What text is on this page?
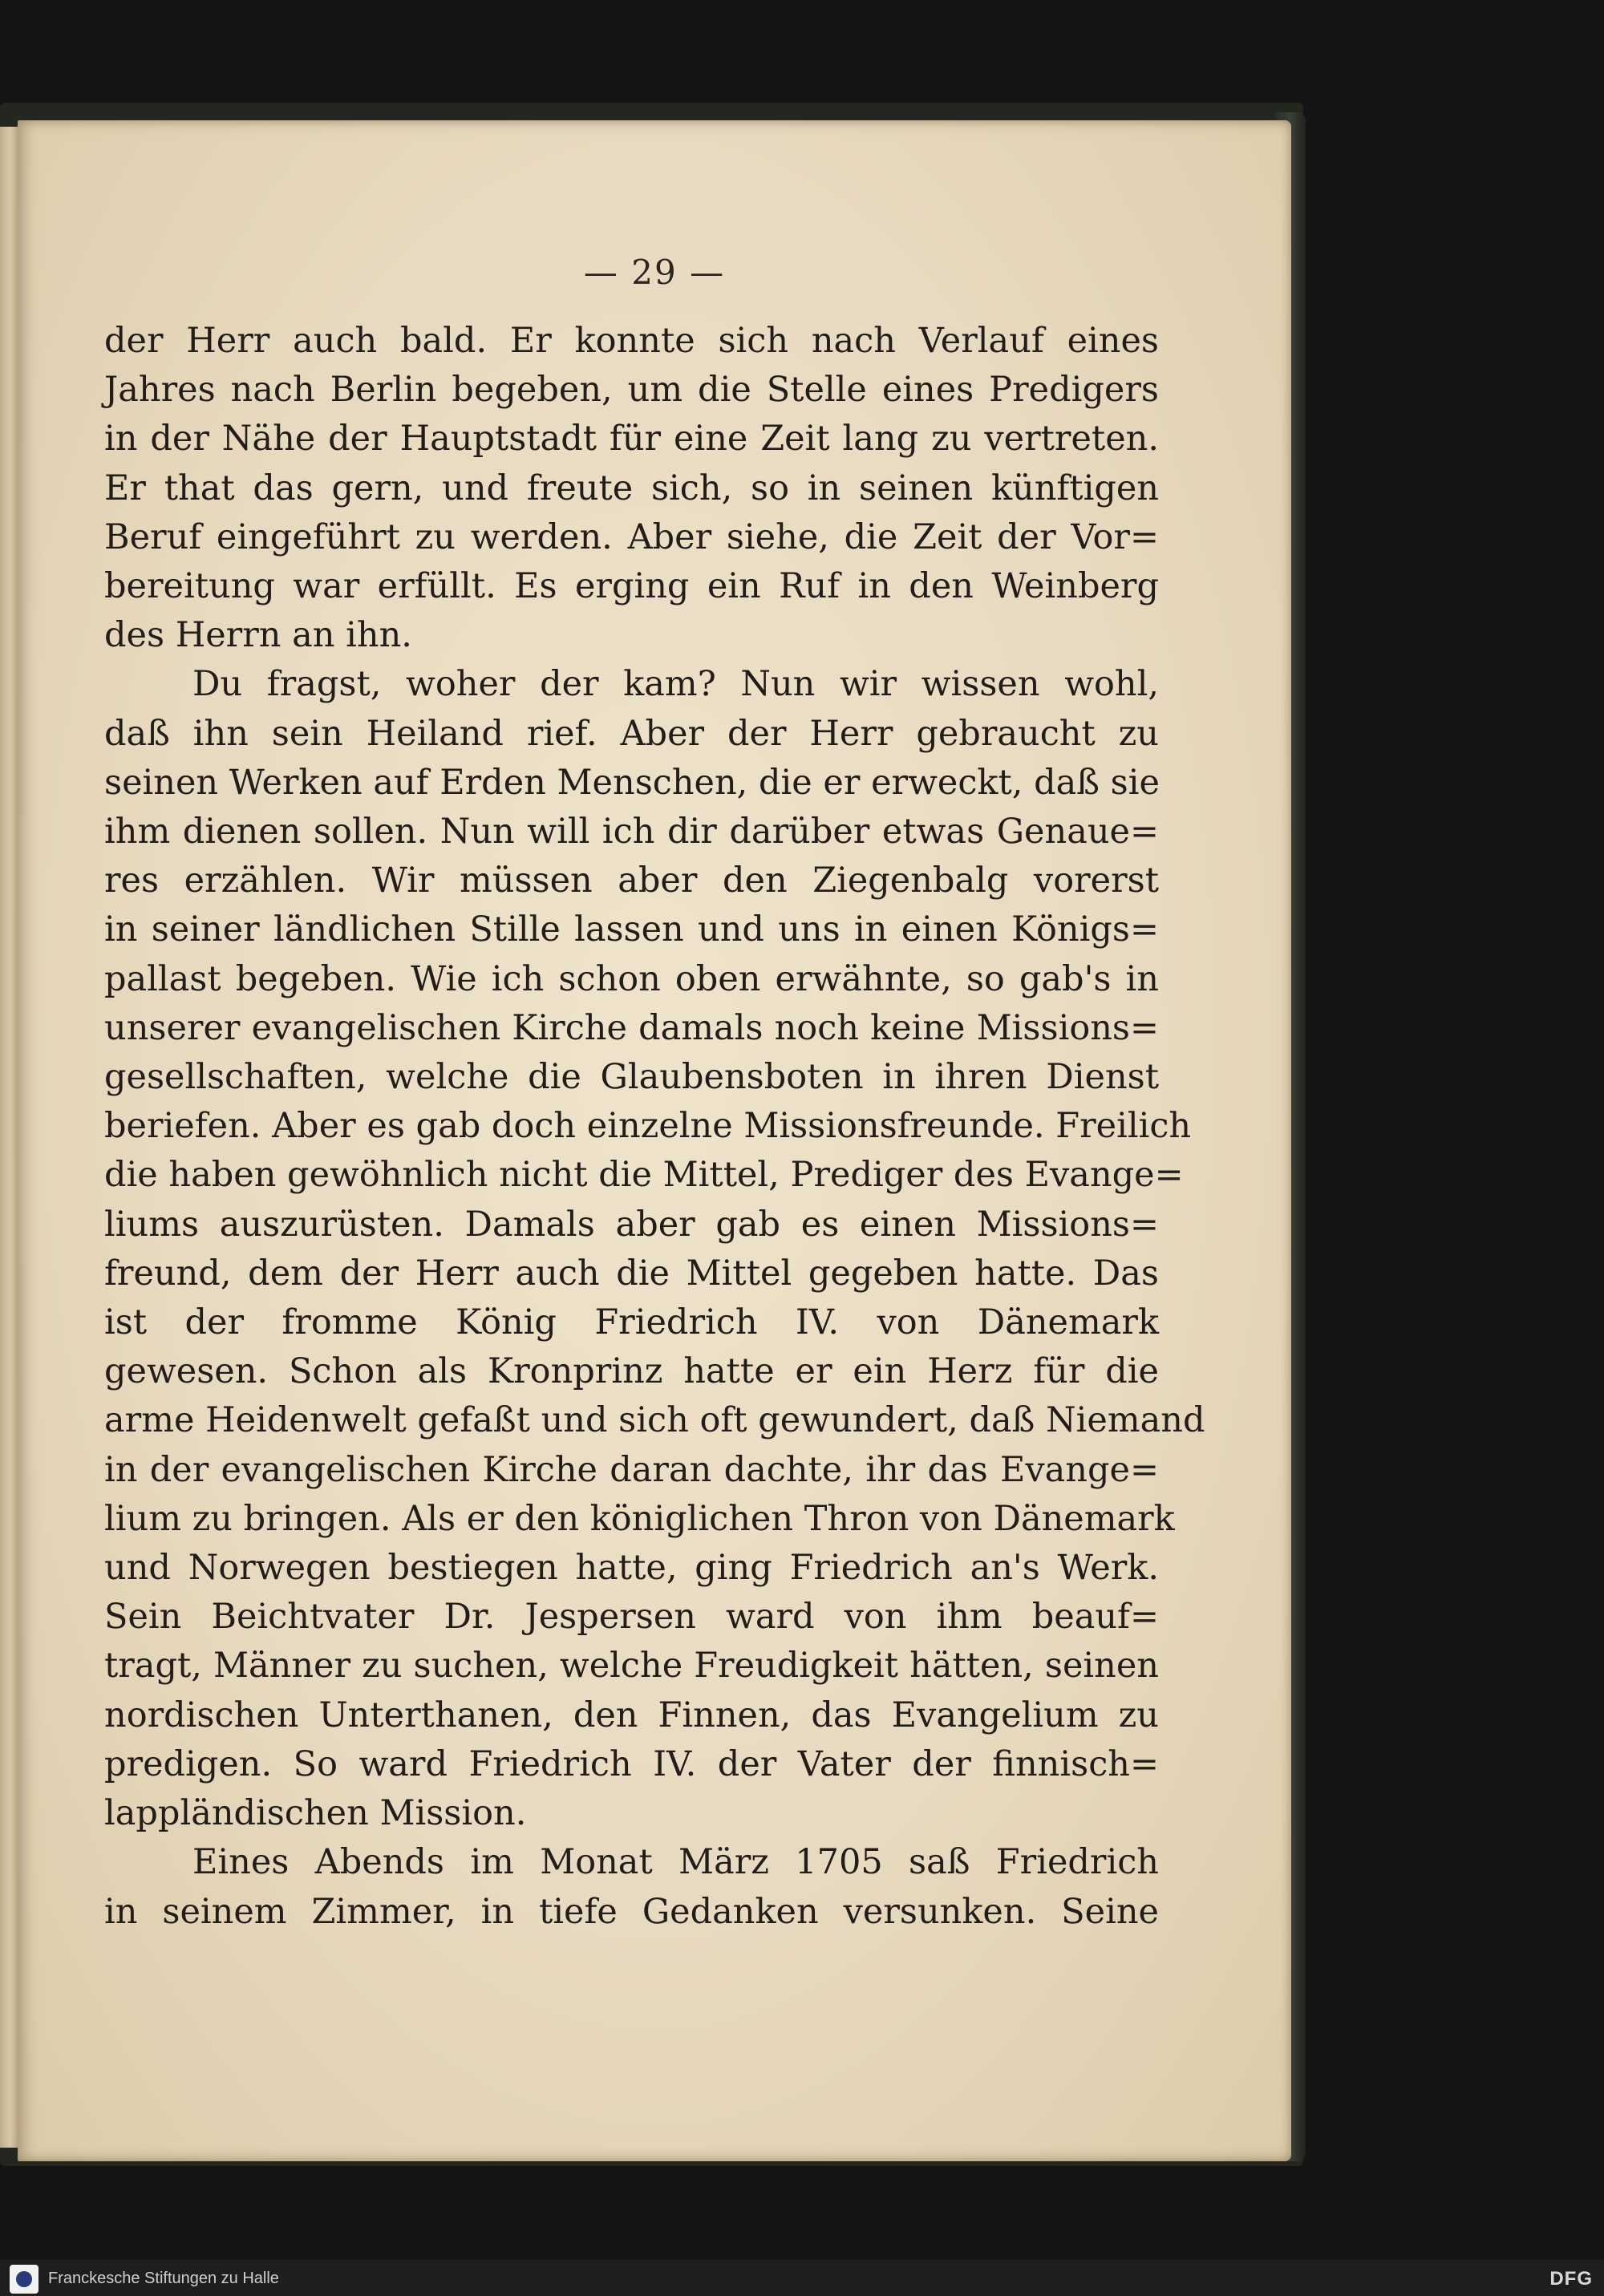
— 29 —
der Herr auch bald. Er konnte sich nach Verlauf eines
Jahres nach Berlin begeben, um die Stelle eines Predigers
in der Nähe der Hauptstadt für eine Zeit lang zu vertreten.
Er that das gern, und freute sich, so in seinen künftigen
Beruf eingeführt zu werden. Aber siehe, die Zeit der Vor=
bereitung war erfüllt. Es erging ein Ruf in den Weinberg
des Herrn an ihn.
Du fragst, woher der kam? Nun wir wissen wohl,
daß ihn sein Heiland rief. Aber der Herr gebraucht zu
seinen Werken auf Erden Menschen, die er erweckt, daß sie
ihm dienen sollen. Nun will ich dir darüber etwas Genaue=
res erzählen. Wir müssen aber den Ziegenbalg vorerst
in seiner ländlichen Stille lassen und uns in einen Königs=
pallast begeben. Wie ich schon oben erwähnte, so gab's in
unserer evangelischen Kirche damals noch keine Missions=
gesellschaften, welche die Glaubensboten in ihren Dienst
beriefen. Aber es gab doch einzelne Missionsfreunde. Freilich
die haben gewöhnlich nicht die Mittel, Prediger des Evange=
liums auszurüsten. Damals aber gab es einen Missions=
freund, dem der Herr auch die Mittel gegeben hatte. Das
ist der fromme König Friedrich IV. von Dänemark
gewesen. Schon als Kronprinz hatte er ein Herz für die
arme Heidenwelt gefaßt und sich oft gewundert, daß Niemand
in der evangelischen Kirche daran dachte, ihr das Evange=
lium zu bringen. Als er den königlichen Thron von Dänemark
und Norwegen bestiegen hatte, ging Friedrich an's Werk.
Sein Beichtvater Dr. Jespersen ward von ihm beauf=
tragt, Männer zu suchen, welche Freudigkeit hätten, seinen
nordischen Unterthanen, den Finnen, das Evangelium zu
predigen. So ward Friedrich IV. der Vater der finnisch=
lappländischen Mission.
Eines Abends im Monat März 1705 saß Friedrich
in seinem Zimmer, in tiefe Gedanken versunken. Seine
Franckesche Stiftungen zu Halle	DFG
